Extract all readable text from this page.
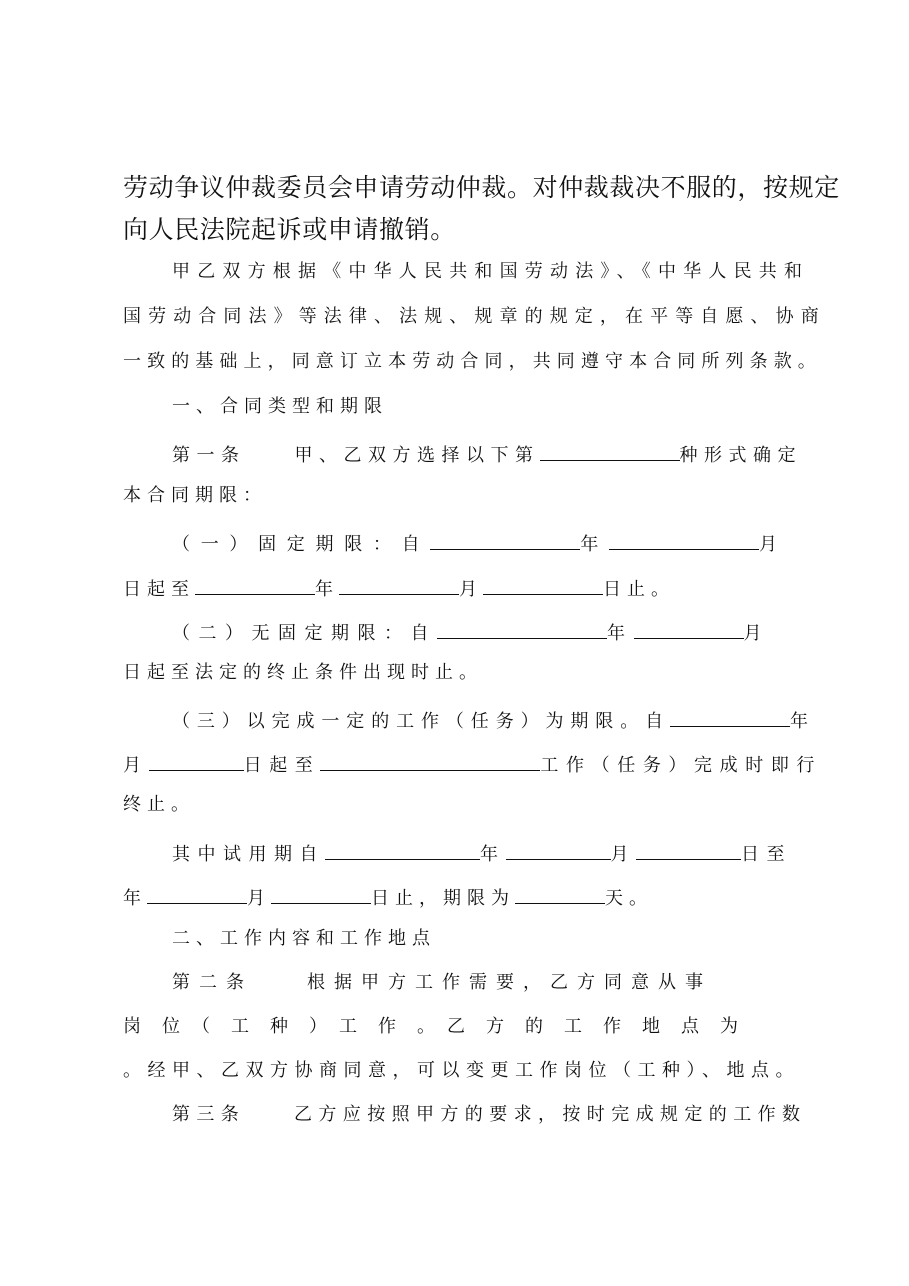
劳动争议仲裁委员会申请劳动仲裁。对仲裁裁决不服的，按规定
向人民法院起诉或申请撤销。
甲乙双方根据《中华人民共和国劳动法》、《中华人民共和
国劳动合同法》等法律、法规、规章的规定，在平等自愿、协商
一致的基础上，同意订立本劳动合同，共同遵守本合同所列条款。
一、合同类型和期限
第一条　　甲、乙双方选择以下第	种形式确定
本合同期限：
（一）固定期限：自	年	月
日起至	年	月	日止。
（二）无固定期限：自	年	月
日起至法定的终止条件出现时止。
（三）以完成一定的工作（任务）为期限。自	年
月	日起至	工作（任务）完成时即行
终止。
其中试用期自	年	月	日至
年	月	日止，期限为	天。
二、工作内容和工作地点
第二条　　根据甲方工作需要，乙方同意从事
岗　位　（　工　种　）　工　作　。　乙　方　的　工　作　地　点　为
。经甲、乙双方协商同意，可以变更工作岗位（工种）、地点。
第三条　　乙方应按照甲方的要求，按时完成规定的工作数
